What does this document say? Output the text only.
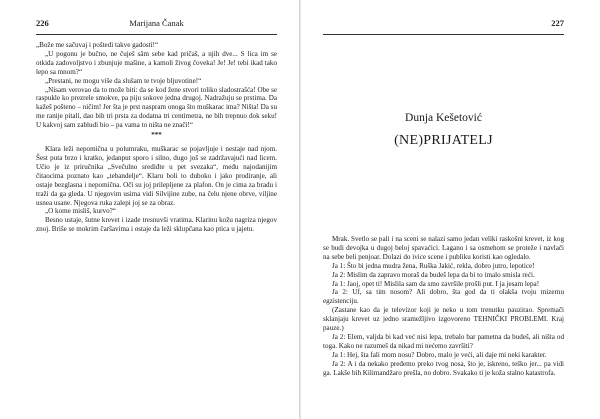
226	Marijana Čanak

„Bože me sačuvaj i poštedi takve gadosti!“

„U pogonu je bučno, ne čuješ sâm sebe kad pričaš, a njih dve... S lica im se otkida zadovoljstvo i zbunjuje mašine, a kamoli živog čoveka! Je! Je! tebi ikad tako lepo sa mnom?“

„Prestani, ne mogu više da slušam te tvoje bljuvotine!“

„Nisam verovao da to može biti: da se kod žene stvori toliko sladostrašća! Obe se raspukle ko prezrele smokve, pa piju sokove jedna drugoj. Nadražuju se prstima. Da kažeš pošteno – ničim! Jer šta je prst naspram onoga što muškarac ima? Ništa! Da su me ranije pitali, dao bih tri prsta za dodatna tri centimetra, ne bih trepnuo dok seku! U kakvoj sam zabludi bio – pa vama to ništa ne znači!“

***

Klara leži nepomična u polumraku, muškarac se pojavljuje i nestaje nad njom. Šest puta brzo i kratko, jedanput sporo i silno, dugo još se zadržavajući nad licem. Učio je iz priručnika „Svečulno srediđte u pet svezaka“, među najodanijim čitaocima poznato kao „tebandelje“. Klaru boli to duboko i jako prodiranje, ali ostaje bezglasna i nepomična. Oči su joj prilepljene za plafon. On je cima za bradu i traži da ga gleda. U njegovim usima vidi Silvijine zube, na čelu njene obrve, viljine usnea usane. Njegova ruka zalepi joj se za obraz.

„O kome misliš, kurvo?“

Besno ustaje, šutne krevet i izade tresnuvši vratima. Klarinu kožu nagriza njegov znoj. Briše se mokrim čaršavima i ostaje da leži sklupčana kao ptica u jajetu.

227

Dunja Kešetović

(NE)PRIJATELJ

Mrak. Svetlo se pali i na sceni se nalazi samo jedan veliki raskošni krevet, iz kog se budi devojka u dugoj beloj spavaćici. Lagano i sa osmehom se proteže i navlači na sebe beli penjoar. Dolazi do ivice scene i publiku koristi kao ogledalo.

Ja 1: Što bi jedna mudra žena, Ruška Jakić, rekla, dobro jutro, lepotice!

Ja 2: Mislim da zapravo moraš da budeš lepa da bi to imalo smisla reći.

Ja 1: Jaoj, opet ti! Mislila sam da smo završile prošli put. I ja jesam lepa!

Ja 2: Uf, sa tim nosom? Ali dobro, šta god da ti olakša tvoju mizernu egzistenciju.

(Zastane kao da je televizor koji je neko u tom trenutku pauzirao. Spremači sklanjaju krevet uz jedno sramežljivo izgovoreno TEHNIČKI PROBLEMI. Kraj pauze.)

Ja 2: Elem, valjda bi kad već nisi lepa, trebalo bar pametna da budeš, ali ništa od toga. Kako ne razumeš da nikad mi nećemo završiti?

Ja 1: Hej, šta fali mom nosu? Dobro, malo je veći, ali daje mi neki karakter.

Ja 2: A i da nekako pređemo preko tvog nosa, što je, iskreno, teško jer... pa vidi ga. Lakše bih Kilimandžaro prešla, no dobro. Svakako ti je koža stalno katastrofa.
